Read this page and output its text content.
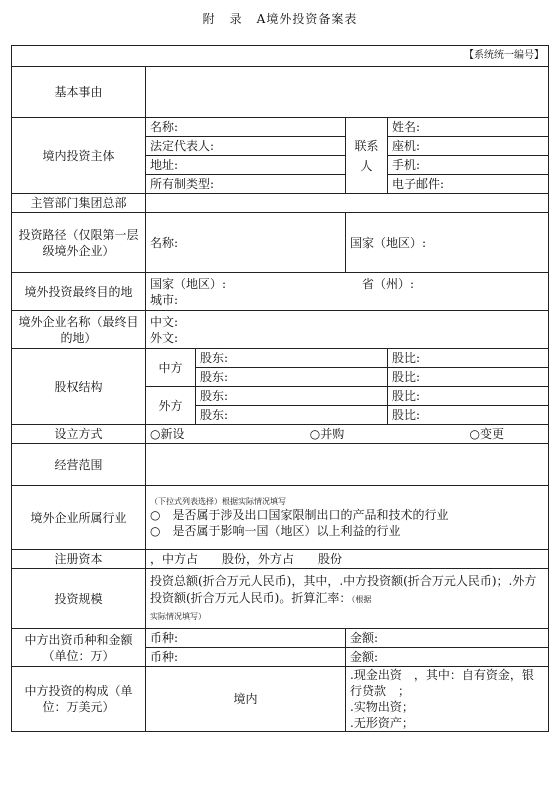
附 录 A境外投资备案表
【系统统一编号】				
基本事由				
境内投资主体	名称:		联系人	姓名:
	法定代表人:			座机:
	地址:			手机:
	所有制类型:			电子邮件:
主管部门集团总部				
投资路径（仅限第一层级境外企业）	名称:		国家（地区）:	
境外投资最终目的地	国家（地区）: 省（州）:
城市:			

境外企业名称（最终目的地）	中文:
外文:			

股权结构	中方	股东:		股比:
		股东:		股比:
	外方	股东:		股比:
		股东:		股比:
设立方式	○新设 ○并购 ○变更			

经营范围				
境外企业所属行业	（下拉式列表选择）根据实际情况填写
○　是否属于涉及出口国家限制出口的产品和技术的行业
○　是否属于影响一国（地区）以上利益的行业			

注册资本	，中方占　　股份，外方占　　股份			
投资规模	投资总额(折合万元人民币)，其中，.中方投资额(折合万元人民币)；.外方投资额(折合万元人民币)。折算汇率：（根据
实际情况填写）			
中方出资币种和金额（单位：万）	币种:		金额:	
	币种:		金额:	
中方投资的构成（单位：万美元）	境内		.现金出资　，其中：自有资金，银行贷款　；
.实物出资；
.无形资产；	
